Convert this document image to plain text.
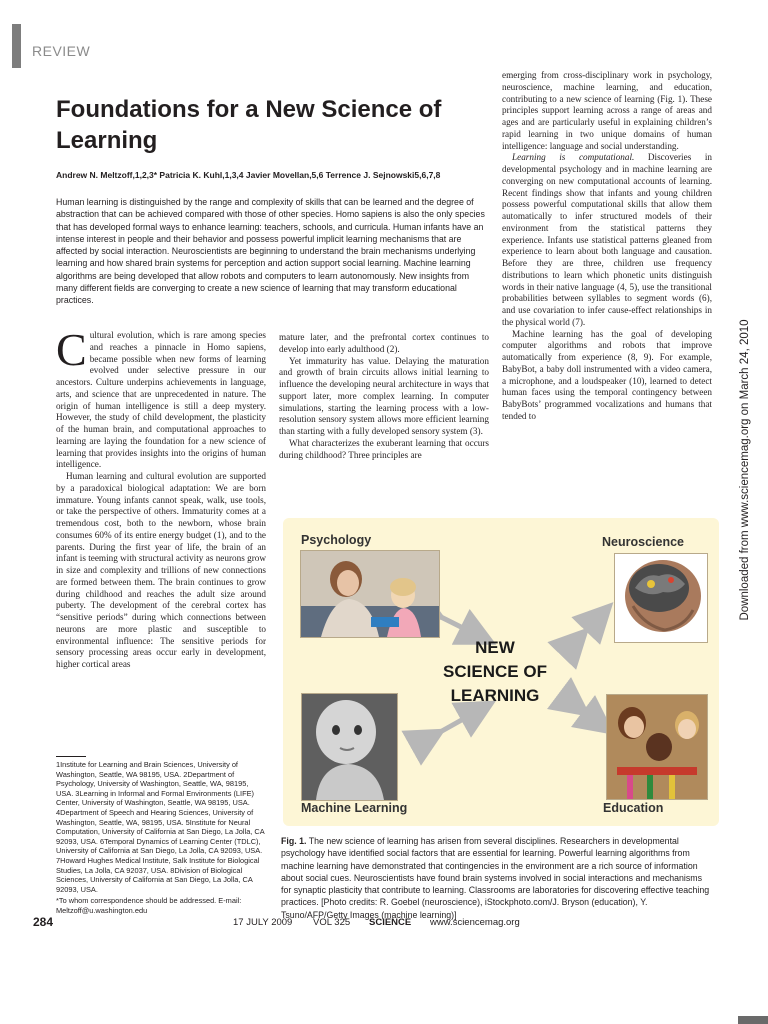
REVIEW
Foundations for a New Science of Learning
Andrew N. Meltzoff,1,2,3* Patricia K. Kuhl,1,3,4 Javier Movellan,5,6 Terrence J. Sejnowski5,6,7,8
Human learning is distinguished by the range and complexity of skills that can be learned and the degree of abstraction that can be achieved compared with those of other species. Homo sapiens is also the only species that has developed formal ways to enhance learning: teachers, schools, and curricula. Human infants have an intense interest in people and their behavior and possess powerful implicit learning mechanisms that are affected by social interaction. Neuroscientists are beginning to understand the brain mechanisms underlying learning and how shared brain systems for perception and action support social learning. Machine learning algorithms are being developed that allow robots and computers to learn autonomously. New insights from many different fields are converging to create a new science of learning that may transform educational practices.

Cultural evolution, which is rare among species and reaches a pinnacle in Homo sapiens, became possible when new forms of learning evolved under selective pressure in our ancestors. Culture underpins achievements in language, arts, and science that are unprecedented in nature. The origin of human intelligence is still a deep mystery. However, the study of child development, the plasticity of the human brain, and computational approaches to learning are laying the foundation for a new science of learning that provides insights into the origins of human intelligence.

Human learning and cultural evolution are supported by a paradoxical biological adaptation: We are born immature. Young infants cannot speak, walk, use tools, or take the perspective of others. Immaturity comes at a tremendous cost, both to the newborn, whose brain consumes 60% of its entire energy budget (1), and to the parents. During the first year of life, the brain of an infant is teeming with structural activity as neurons grow in size and complexity and trillions of new connections are formed between them. The brain continues to grow during childhood and reaches the adult size around puberty. The development of the cerebral cortex has “sensitive periods” during which connections between neurons are more plastic and susceptible to environmental influence: The sensitive periods for sensory processing areas occur early in development, higher cortical areas

mature later, and the prefrontal cortex continues to develop into early adulthood (2).

Yet immaturity has value. Delaying the maturation and growth of brain circuits allows initial learning to influence the developing neural architecture in ways that support later, more complex learning. In computer simulations, starting the learning process with a low-resolution sensory system allows more efficient learning than starting with a fully developed sensory system (3).

What characterizes the exuberant learning that occurs during childhood? Three principles are

emerging from cross-disciplinary work in psychology, neuroscience, machine learning, and education, contributing to a new science of learning (Fig. 1). These principles support learning across a range of areas and ages and are particularly useful in explaining children’s rapid learning in two unique domains of human intelligence: language and social understanding.

Learning is computational. Discoveries in developmental psychology and in machine learning are converging on new computational accounts of learning. Recent findings show that infants and young children possess powerful computational skills that allow them automatically to infer structured models of their environment from the statistical patterns they experience. Infants use statistical patterns gleaned from experience to learn about both language and causation. Before they are three, children use frequency distributions to learn which phonetic units distinguish words in their native language (4, 5), use the transitional probabilities between syllables to segment words (6), and use covariation to infer cause-effect relationships in the physical world (7).

Machine learning has the goal of developing computer algorithms and robots that improve automatically from experience (8, 9). For example, BabyBot, a baby doll instrumented with a video camera, a microphone, and a loudspeaker (10), learned to detect human faces using the temporal contingency between BabyBots’ programmed vocalizations and humans that tended to

1Institute for Learning and Brain Sciences, University of Washington, Seattle, WA 98195, USA. 2Department of Psychology, University of Washington, Seattle, WA, 98195, USA. 3Learning in Informal and Formal Environments (LIFE) Center, University of Washington, Seattle, WA 98195, USA. 4Department of Speech and Hearing Sciences, University of Washington, Seattle, WA, 98195, USA. 5Institute for Neural Computation, University of California at San Diego, La Jolla, CA 92093, USA. 6Temporal Dynamics of Learning Center (TDLC), University of California at San Diego, La Jolla, CA 92093, USA. 7Howard Hughes Medical Institute, Salk Institute for Biological Studies, La Jolla, CA 92037, USA. 8Division of Biological Sciences, University of California at San Diego, La Jolla, CA 92093, USA.

*To whom correspondence should be addressed. E-mail: Meltzoff@u.washington.edu

Psychology	Neuroscience
Machine Learning	Education
NEW
SCIENCE OF
LEARNING
Fig. 1. The new science of learning has arisen from several disciplines. Researchers in developmental psychology have identified social factors that are essential for learning. Powerful learning algorithms from machine learning have demonstrated that contingencies in the environment are a rich source of information about social cues. Neuroscientists have found brain systems involved in social interactions and mechanisms for synaptic plasticity that contribute to learning. Classrooms are laboratories for discovering effective teaching practices. [Photo credits: R. Goebel (neuroscience), iStockphoto.com/J. Bryson (education), Y. Tsuno/AFP/Getty Images (machine learning)]
284	17 JULY 2009 VOL 325 SCIENCE www.sciencemag.org
Downloaded from www.sciencemag.org on March 24, 2010
